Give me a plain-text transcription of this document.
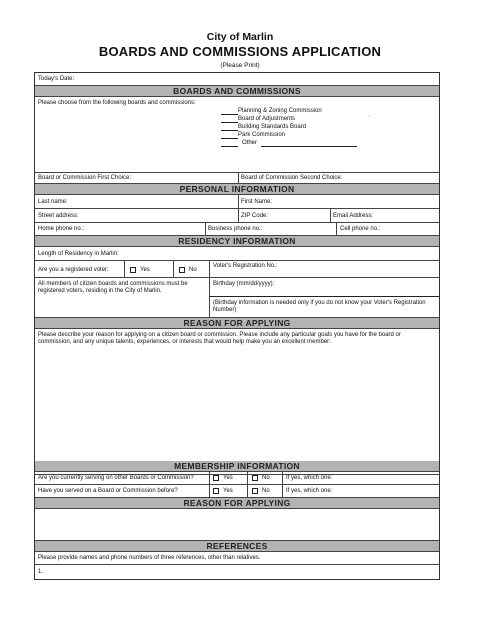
City of Marlin
BOARDS AND COMMISSIONS APPLICATION
(Please Print)
Today's Date:
BOARDS AND COMMISSIONS
Please choose from the following boards and commissions:
Planning & Zoning Commission
Board of Adjustments
Building Standards Board
Park Commission
Other
'
Board or Commission First Choice:	Board of Commission Second Choice:
PERSONAL INFORMATION
Last name:	First Name:
Street address:	ZIP Code:	Email Address:
Home phone no.:	Business phone no.:	Cell phone no.:
RESIDENCY INFORMATION
Length of Residency in Marlin:
Are you a registered voter:	Yes	No
Voter's Registration No.:
All members of citizen boards and commissions must be registered voters, residing in the City of Marlin.
Birthday (mm/dd/yyyy):
(Birthday information is needed only if you do not know your Voter's Registration Number)
REASON FOR APPLYING
Please describe your reason for applying on a citizen board or commission. Please include any particular goals you have for the board or commission, and any unique talents, experiences, or interests that would help make you an excellent member:
MEMBERSHIP INFORMATION
Are you currently serving on other Boards or Commission?	Yes	No	If yes, which one:
Have you served on a Board or Commission before?	Yes	No	If yes, which one:
REASON FOR APPLYING
REFERENCES
Please provide names and phone numbers of three references, other than relatives.
1.
